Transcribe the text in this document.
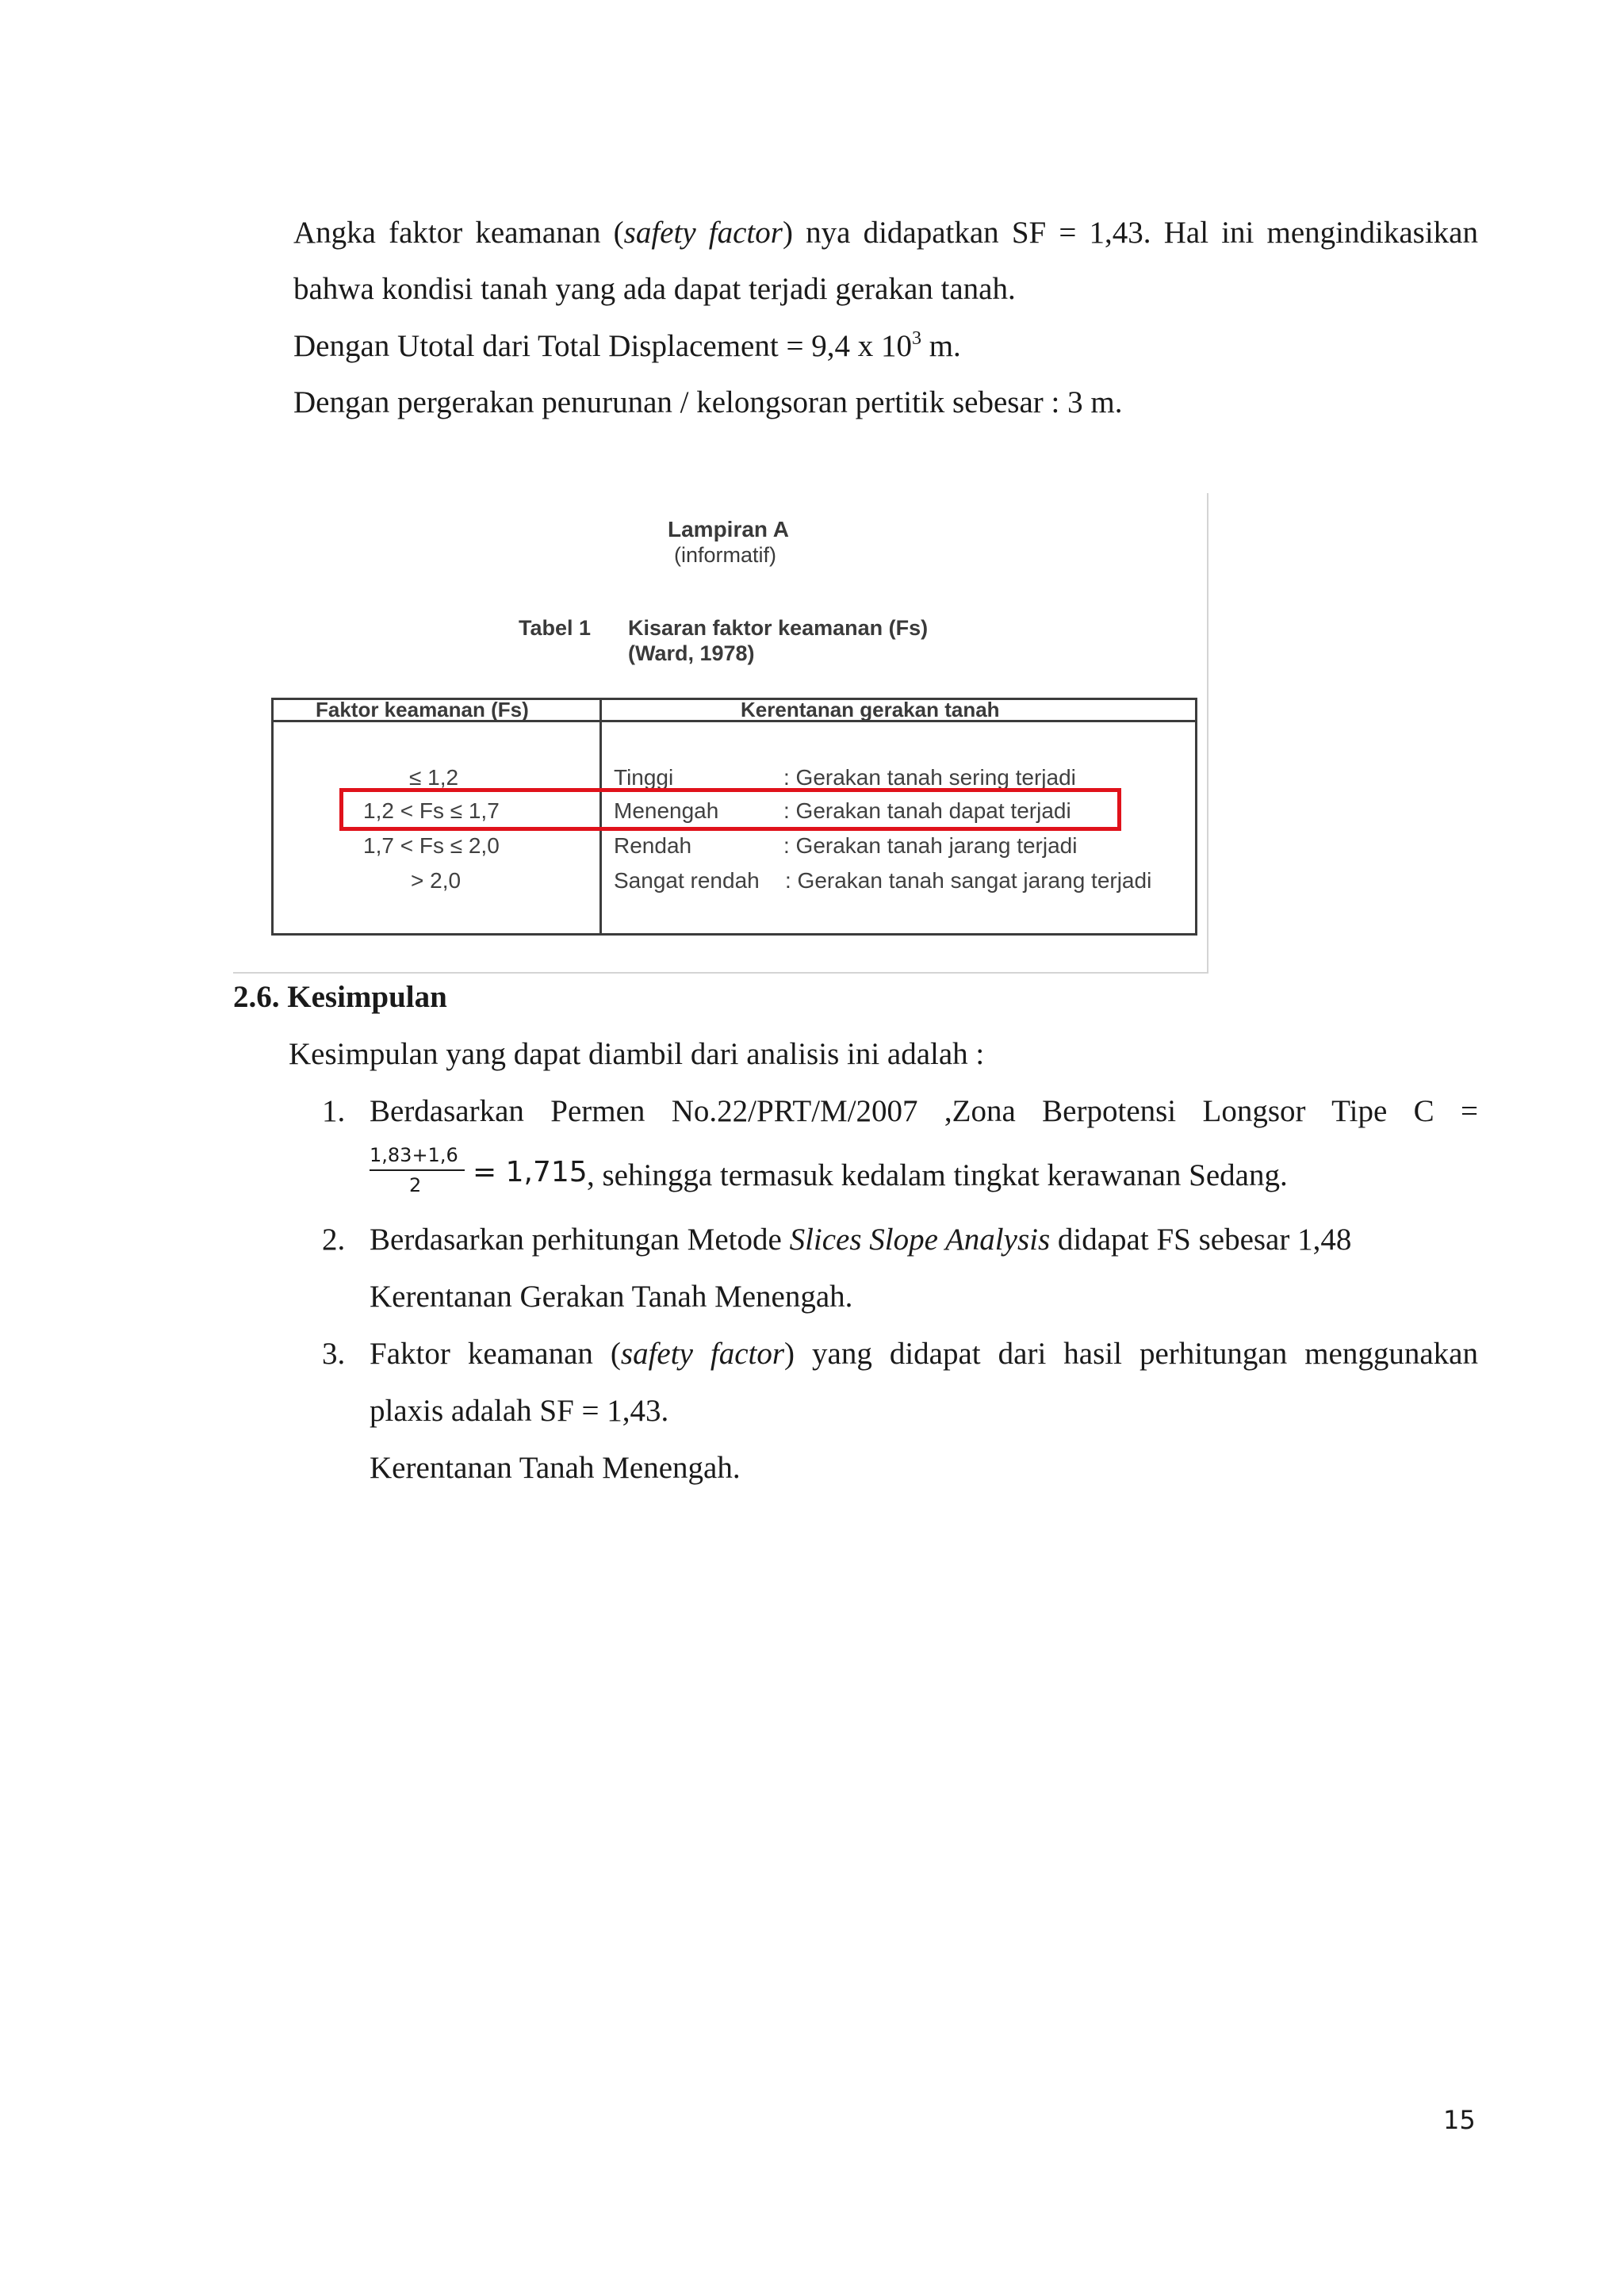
Angka faktor keamanan (safety factor) nya didapatkan SF = 1,43. Hal ini mengindikasikan
bahwa kondisi tanah yang ada dapat terjadi gerakan tanah.
Dengan Utotal dari Total Displacement = 9,4 x $10^3$ m.
Dengan pergerakan penurunan / kelongsoran pertitik sebesar : 3 m.
Lampiran A
(informatif)
Tabel 1 Kisaran faktor keamanan (Fs)
(Ward, 1978)
Faktor keamanan (Fs)	Kerentanan gerakan tanah
≤ 1,2	Tinggi	: Gerakan tanah sering terjadi
1,2 < Fs ≤ 1,7	Menengah	: Gerakan tanah dapat terjadi
1,7 < Fs ≤ 2,0	Rendah	: Gerakan tanah jarang terjadi
> 2,0	Sangat rendah : Gerakan tanah sangat jarang terjadi
2.6. Kesimpulan
Kesimpulan yang dapat diambil dari analisis ini adalah :
1. Berdasarkan Permen No.22/PRT/M/2007 ,Zona Berpotensi Longsor Tipe C =
1,83+1,6
2 = 1,715 , sehingga termasuk kedalam tingkat kerawanan Sedang.
2. Berdasarkan perhitungan Metode Slices Slope Analysis didapat FS sebesar 1,48
Kerentanan Gerakan Tanah Menengah.
3. Faktor keamanan (safety factor) yang didapat dari hasil perhitungan menggunakan
plaxis adalah SF = 1,43.
Kerentanan Tanah Menengah.
15
